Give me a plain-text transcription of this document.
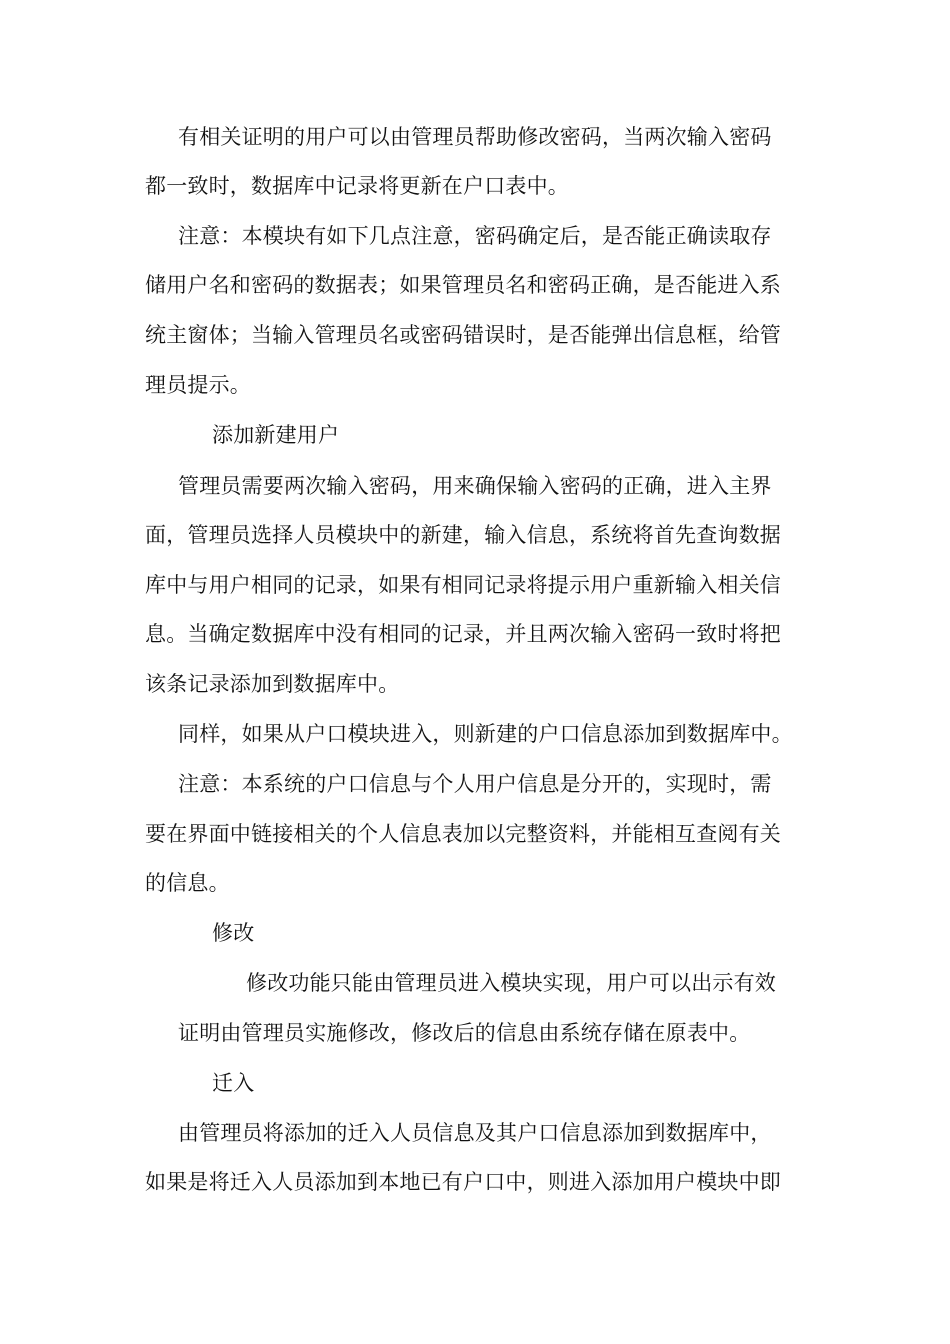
有相关证明的用户可以由管理员帮助修改密码，当两次输入密码
都一致时，数据库中记录将更新在户口表中。
注意：本模块有如下几点注意，密码确定后，是否能正确读取存
储用户名和密码的数据表；如果管理员名和密码正确，是否能进入系
统主窗体；当输入管理员名或密码错误时，是否能弹出信息框，给管
理员提示。
添加新建用户
管理员需要两次输入密码，用来确保输入密码的正确，进入主界
面，管理员选择人员模块中的新建，输入信息，系统将首先查询数据
库中与用户相同的记录，如果有相同记录将提示用户重新输入相关信
息。当确定数据库中没有相同的记录，并且两次输入密码一致时将把
该条记录添加到数据库中。
同样，如果从户口模块进入，则新建的户口信息添加到数据库中。
注意：本系统的户口信息与个人用户信息是分开的，实现时，需
要在界面中链接相关的个人信息表加以完整资料，并能相互查阅有关
的信息。
修改
修改功能只能由管理员进入模块实现，用户可以出示有效
证明由管理员实施修改，修改后的信息由系统存储在原表中。
迁入
由管理员将添加的迁入人员信息及其户口信息添加到数据库中，
如果是将迁入人员添加到本地已有户口中，则进入添加用户模块中即
